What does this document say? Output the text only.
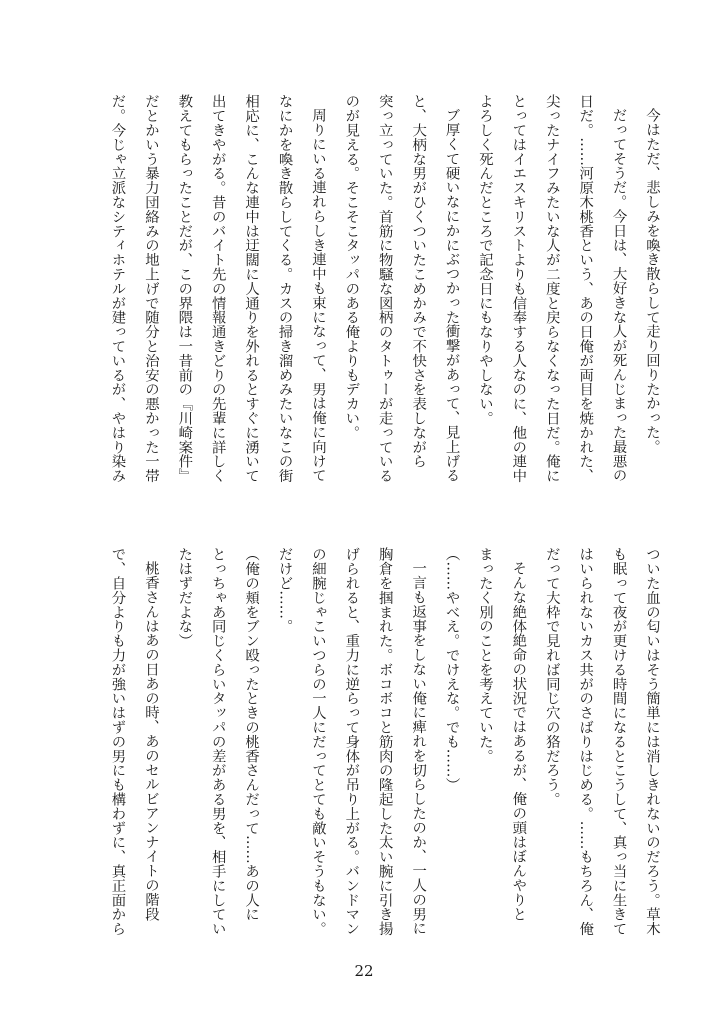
今はただ、悲しみを喚き散らして走り回りたかった。
だってそうだ。今日は、大好きな人が死んじまった最悪の
日だ。……河原木桃香という、あの日俺が両目を焼かれた、
尖ったナイフみたいな人が二度と戻らなくなった日だ。俺に
とってはイエスキリストよりも信奉する人なのに、他の連中
よろしく死んだところで記念日にもなりやしない。
ブ厚くて硬いなにかにぶつかった衝撃があって、見上げる
と、大柄な男がひくついたこめかみで不快さを表しながら
突っ立っていた。首筋に物騒な図柄のタトゥーが走っている
のが見える。そこそこタッパのある俺よりもデカい。
周りにいる連れらしき連中も束になって、男は俺に向けて
なにかを喚き散らしてくる。カスの掃き溜めみたいなこの街
相応に、こんな連中は迂闊に人通りを外れるとすぐに湧いて
出てきやがる。昔のバイト先の情報通きどりの先輩に詳しく
教えてもらったことだが、この界隈は一昔前の『川崎案件』
だとかいう暴力団絡みの地上げで随分と治安の悪かった一帯
だ。今じゃ立派なシティホテルが建っているが、やはり染み
ついた血の匂いはそう簡単には消しきれないのだろう。草木
も眠って夜が更ける時間になるとこうして、真っ当に生きて
はいられないカス共がのさばりはじめる。……もちろん、俺
だって大枠で見れば同じ穴の狢だろう。
そんな絶体絶命の状況ではあるが、俺の頭はぼんやりと
まったく別のことを考えていた。
（……やべえ。でけえな。でも……）
一言も返事をしない俺に痺れを切らしたのか、一人の男に
胸倉を掴まれた。ボコボコと筋肉の隆起した太い腕に引き揚
げられると、重力に逆らって身体が吊り上がる。バンドマン
の細腕じゃこいつらの一人にだってとても敵いそうもない。
だけど……。
（俺の頬をブン殴ったときの桃香さんだって……あの人に
とっちゃあ同じくらいタッパの差がある男を、相手にしてい
たはずだよな）
桃香さんはあの日あの時、あのセルビアンナイトの階段
で、自分よりも力が強いはずの男にも構わずに、真正面から
22
